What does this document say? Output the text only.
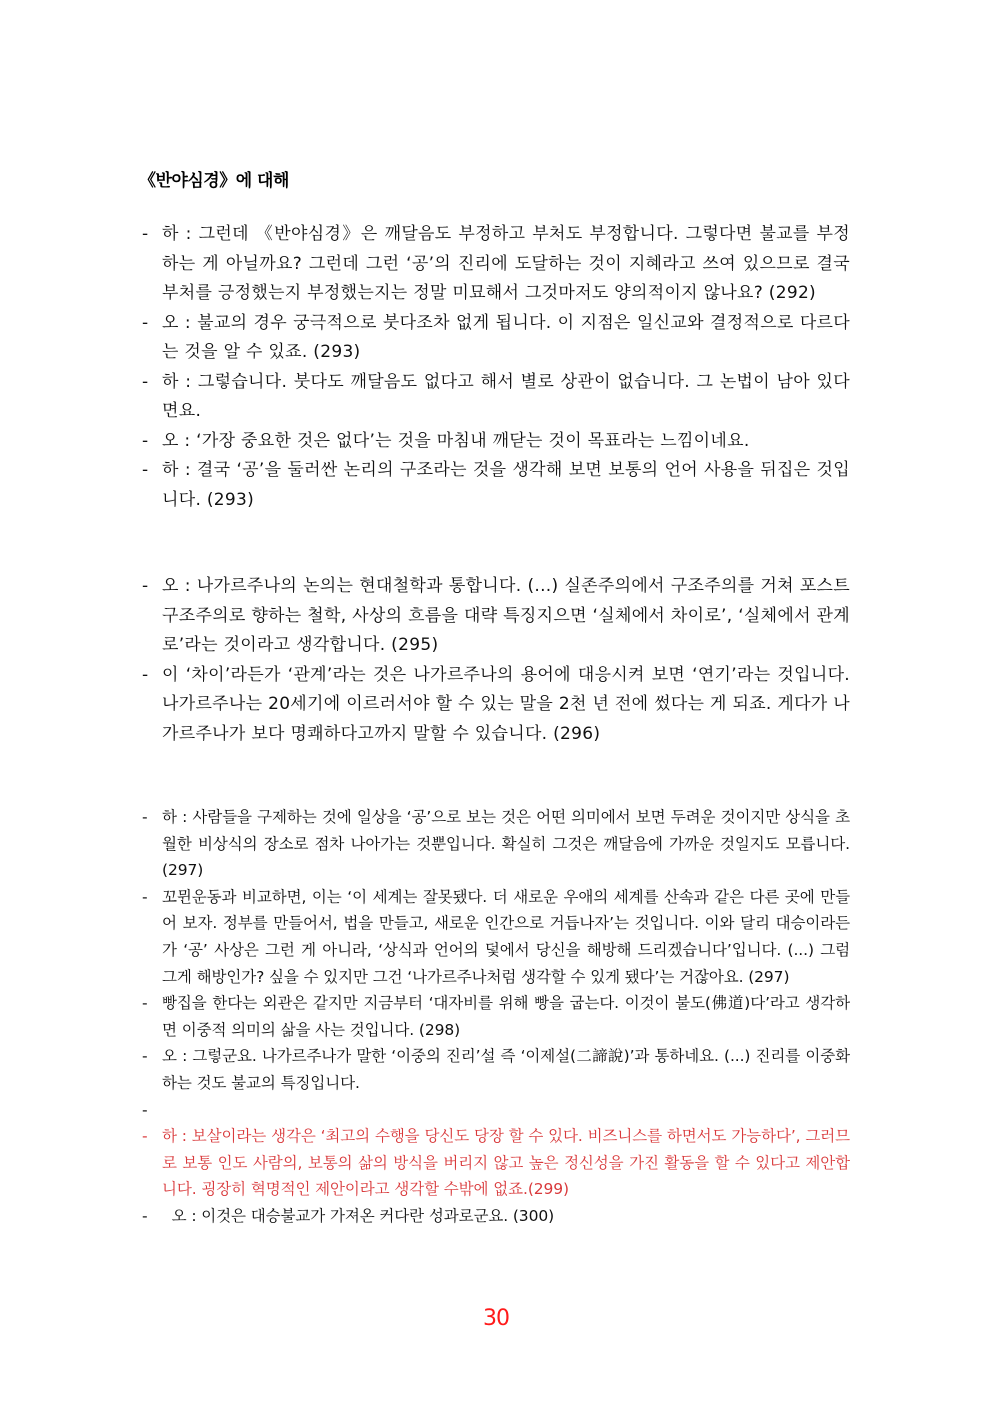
《반야심경》에 대해
- 하 : 그런데 《반야심경》은 깨달음도 부정하고 부처도 부정합니다. 그렇다면 불교를 부정하는 게 아닐까요? 그런데 그런 ‘공’의 진리에 도달하는 것이 지혜라고 쓰여 있으므로 결국 부처를 긍정했는지 부정했는지는 정말 미묘해서 그것마저도 양의적이지 않나요? (292)
- 오 : 불교의 경우 궁극적으로 붓다조차 없게 됩니다. 이 지점은 일신교와 결정적으로 다르다는 것을 알 수 있죠. (293)
- 하 : 그렇습니다. 붓다도 깨달음도 없다고 해서 별로 상관이 없습니다. 그 논법이 남아 있다면요.
- 오 : ‘가장 중요한 것은 없다’는 것을 마침내 깨닫는 것이 목표라는 느낌이네요.
- 하 : 결국 ‘공’을 둘러싼 논리의 구조라는 것을 생각해 보면 보통의 언어 사용을 뒤집은 것입니다. (293)
- 오 : 나가르주나의 논의는 현대철학과 통합니다. (...) 실존주의에서 구조주의를 거쳐 포스트구조주의로 향하는 철학, 사상의 흐름을 대략 특징지으면 ‘실체에서 차이로’, ‘실체에서 관계로’라는 것이라고 생각합니다. (295)
- 이 ‘차이’라든가 ‘관계’라는 것은 나가르주나의 용어에 대응시켜 보면 ‘연기’라는 것입니다. 나가르주나는 20세기에 이르러서야 할 수 있는 말을 2천 년 전에 썼다는 게 되죠. 게다가 나가르주나가 보다 명쾌하다고까지 말할 수 있습니다. (296)
- 하 : 사람들을 구제하는 것에 일상을 ‘공’으로 보는 것은 어떤 의미에서 보면 두려운 것이지만 상식을 초월한 비상식의 장소로 점차 나아가는 것뿐입니다. 확실히 그것은 깨달음에 가까운 것일지도 모릅니다. (297)
- 꼬뮌운동과 비교하면, 이는 ‘이 세계는 잘못됐다. 더 새로운 우애의 세계를 산속과 같은 다른 곳에 만들어 보자. 정부를 만들어서, 법을 만들고, 새로운 인간으로 거듭나자’는 것입니다. 이와 달리 대승이라든가 ‘공’ 사상은 그런 게 아니라, ‘상식과 언어의 덫에서 당신을 해방해 드리겠습니다’입니다. (...) 그럼 그게 해방인가? 싶을 수 있지만 그건 ‘나가르주나처럼 생각할 수 있게 됐다’는 거잖아요. (297)
- 빵집을 한다는 외관은 같지만 지금부터 ‘대자비를 위해 빵을 굽는다. 이것이 불도(佛道)다’라고 생각하면 이중적 의미의 삶을 사는 것입니다. (298)
- 오 : 그렇군요. 나가르주나가 말한 ‘이중의 진리’설 즉 ‘이제설(二諦說)’과 통하네요. (...) 진리를 이중화하는 것도 불교의 특징입니다.
-
- 하 : 보살이라는 생각은 ‘최고의 수행을 당신도 당장 할 수 있다. 비즈니스를 하면서도 가능하다’, 그러므로 보통 인도 사람의, 보통의 삶의 방식을 버리지 않고 높은 정신성을 가진 활동을 할 수 있다고 제안합니다. 굉장히 혁명적인 제안이라고 생각할 수밖에 없죠.(299)
- 오 : 이것은 대승불교가 가져온 커다란 성과로군요. (300)
30
